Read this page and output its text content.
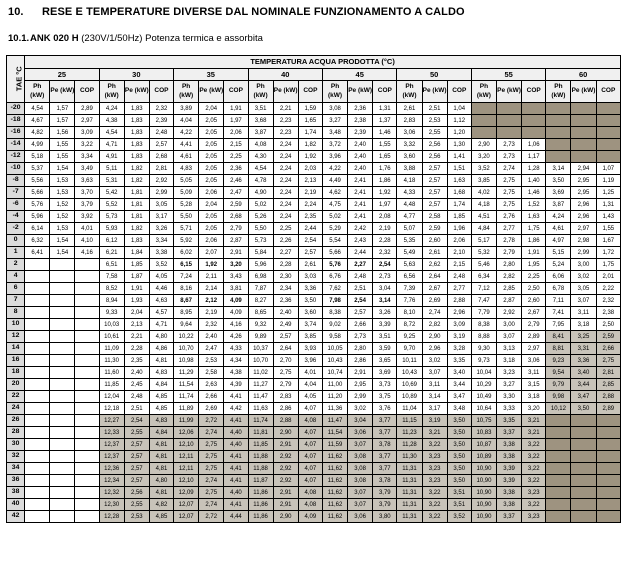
10. RESE E TEMPERATURE DIVERSE DAL NOMINALE FUNZIONAMENTO A CALDO
10.1.ANK 020 H (230V/1/50Hz) Potenza termica e assorbita
TAE °C	TEMPERATURA ACQUA PRODOTTA (°C)																							
	25			30			35			40			45			50			55			60		
	Ph (kW)	Pe (kW)	COP	Ph (kW)	Pe (kW)	COP	Ph (kW)	Pe (kW)	COP	Ph (kW)	Pe (kW)	COP	Ph (kW)	Pe (kW)	COP	Ph (kW)	Pe (kW)	COP	Ph (kW)	Pe (kW)	COP	Ph (kW)	Pe (kW)	COP
-20	4,54	1,57	2,89	4,24	1,83	2,32	3,89	2,04	1,91	3,51	2,21	1,59	3,08	2,36	1,31	2,61	2,51	1,04						
-18	4,67	1,57	2,97	4,38	1,83	2,39	4,04	2,05	1,97	3,68	2,23	1,65	3,27	2,38	1,37	2,83	2,53	1,12						
-16	4,82	1,56	3,09	4,54	1,83	2,48	4,22	2,05	2,06	3,87	2,23	1,74	3,48	2,39	1,46	3,06	2,55	1,20						
-14	4,99	1,55	3,22	4,71	1,83	2,57	4,41	2,05	2,15	4,08	2,24	1,82	3,72	2,40	1,55	3,32	2,56	1,30	2,90	2,73	1,06			
-12	5,18	1,55	3,34	4,91	1,83	2,68	4,61	2,05	2,25	4,30	2,24	1,92	3,96	2,40	1,65	3,60	2,56	1,41	3,20	2,73	1,17			
-10	5,37	1,54	3,49	5,11	1,82	2,81	4,83	2,05	2,36	4,54	2,24	2,03	4,22	2,40	1,76	3,88	2,57	1,51	3,52	2,74	1,28	3,14	2,94	1,07
-8	5,56	1,53	3,63	5,31	1,82	2,92	5,05	2,05	2,46	4,78	2,24	2,13	4,49	2,41	1,86	4,18	2,57	1,63	3,85	2,75	1,40	3,50	2,95	1,19
-7	5,66	1,53	3,70	5,42	1,81	2,99	5,09	2,06	2,47	4,90	2,24	2,19	4,62	2,41	1,92	4,33	2,57	1,68	4,02	2,75	1,46	3,69	2,95	1,25
-6	5,76	1,52	3,79	5,52	1,81	3,05	5,28	2,04	2,59	5,02	2,24	2,24	4,75	2,41	1,97	4,48	2,57	1,74	4,18	2,75	1,52	3,87	2,96	1,31
-4	5,96	1,52	3,92	5,73	1,81	3,17	5,50	2,05	2,68	5,26	2,24	2,35	5,02	2,41	2,08	4,77	2,58	1,85	4,51	2,76	1,63	4,24	2,96	1,43
-2	6,14	1,53	4,01	5,93	1,82	3,26	5,71	2,05	2,79	5,50	2,25	2,44	5,29	2,42	2,19	5,07	2,59	1,96	4,84	2,77	1,75	4,61	2,97	1,55
0	6,32	1,54	4,10	6,12	1,83	3,34	5,92	2,06	2,87	5,73	2,26	2,54	5,54	2,43	2,28	5,35	2,60	2,06	5,17	2,78	1,86	4,97	2,98	1,67
1	6,41	1,54	4,16	6,21	1,84	3,38	6,02	2,07	2,91	5,84	2,27	2,57	5,66	2,44	2,32	5,49	2,61	2,10	5,32	2,79	1,91	5,15	2,99	1,72
2				6,51	1,85	3,52	6,15	1,92	3,20	5,96	2,28	2,61	5,76	2,27	2,54	5,63	2,62	2,15	5,46	2,80	1,95	5,24	3,00	1,75
4				7,58	1,87	4,05	7,24	2,11	3,43	6,98	2,30	3,03	6,76	2,48	2,73	6,56	2,64	2,48	6,34	2,82	2,25	6,06	3,02	2,01
6				8,52	1,91	4,46	8,16	2,14	3,81	7,87	2,34	3,36	7,62	2,51	3,04	7,39	2,67	2,77	7,12	2,85	2,50	6,78	3,05	2,22
7				8,94	1,93	4,63	8,67	2,12	4,09	8,27	2,36	3,50	7,98	2,54	3,14	7,76	2,69	2,88	7,47	2,87	2,60	7,11	3,07	2,32
8				9,33	2,04	4,57	8,95	2,19	4,09	8,65	2,40	3,60	8,38	2,57	3,26	8,10	2,74	2,96	7,79	2,92	2,67	7,41	3,11	2,38
10				10,03	2,13	4,71	9,64	2,32	4,16	9,32	2,49	3,74	9,02	2,66	3,39	8,72	2,82	3,09	8,38	3,00	2,79	7,95	3,18	2,50
12				10,61	2,21	4,80	10,22	2,40	4,26	9,89	2,57	3,85	9,58	2,73	3,51	9,25	2,90	3,19	8,88	3,07	2,89	8,41	3,25	2,59
14				11,09	2,28	4,86	10,70	2,47	4,33	10,37	2,64	3,93	10,05	2,80	3,59	9,70	2,96	3,28	9,30	3,13	2,97	8,81	3,31	2,66
16				11,30	2,35	4,81	10,98	2,53	4,34	10,70	2,70	3,96	10,43	2,86	3,65	10,11	3,02	3,35	9,73	3,18	3,06	9,23	3,36	2,75
18				11,60	2,40	4,83	11,29	2,58	4,38	11,02	2,75	4,01	10,74	2,91	3,69	10,43	3,07	3,40	10,04	3,23	3,11	9,54	3,40	2,81
20				11,85	2,45	4,84	11,54	2,63	4,39	11,27	2,79	4,04	11,00	2,95	3,73	10,69	3,11	3,44	10,29	3,27	3,15	9,79	3,44	2,85
22				12,04	2,48	4,85	11,74	2,66	4,41	11,47	2,83	4,05	11,20	2,99	3,75	10,89	3,14	3,47	10,49	3,30	3,18	9,98	3,47	2,88
24				12,18	2,51	4,85	11,89	2,69	4,42	11,63	2,86	4,07	11,36	3,02	3,76	11,04	3,17	3,48	10,64	3,33	3,20	10,12	3,50	2,89
26				12,27	2,54	4,83	11,99	2,72	4,41	11,74	2,88	4,08	11,47	3,04	3,77	11,15	3,19	3,50	10,75	3,35	3,21			
28				12,33	2,55	4,84	12,06	2,74	4,40	11,81	2,90	4,07	11,54	3,06	3,77	11,23	3,21	3,50	10,83	3,37	3,21			
30				12,37	2,57	4,81	12,10	2,75	4,40	11,85	2,91	4,07	11,59	3,07	3,78	11,28	3,22	3,50	10,87	3,38	3,22			
32				12,37	2,57	4,81	12,11	2,75	4,41	11,88	2,92	4,07	11,62	3,08	3,77	11,30	3,23	3,50	10,89	3,38	3,22			
34				12,36	2,57	4,81	12,11	2,75	4,41	11,88	2,92	4,07	11,62	3,08	3,77	11,31	3,23	3,50	10,90	3,39	3,22			
36				12,34	2,57	4,80	12,10	2,74	4,41	11,87	2,92	4,07	11,62	3,08	3,78	11,31	3,23	3,50	10,90	3,39	3,22			
38				12,32	2,56	4,81	12,09	2,75	4,40	11,86	2,91	4,08	11,62	3,07	3,79	11,31	3,22	3,51	10,90	3,38	3,23			
40				12,30	2,55	4,82	12,07	2,74	4,41	11,86	2,91	4,08	11,62	3,07	3,79	11,31	3,22	3,51	10,90	3,38	3,22			
42				12,28	2,53	4,85	12,07	2,72	4,44	11,86	2,90	4,09	11,62	3,06	3,80	11,31	3,22	3,52	10,90	3,37	3,23			
